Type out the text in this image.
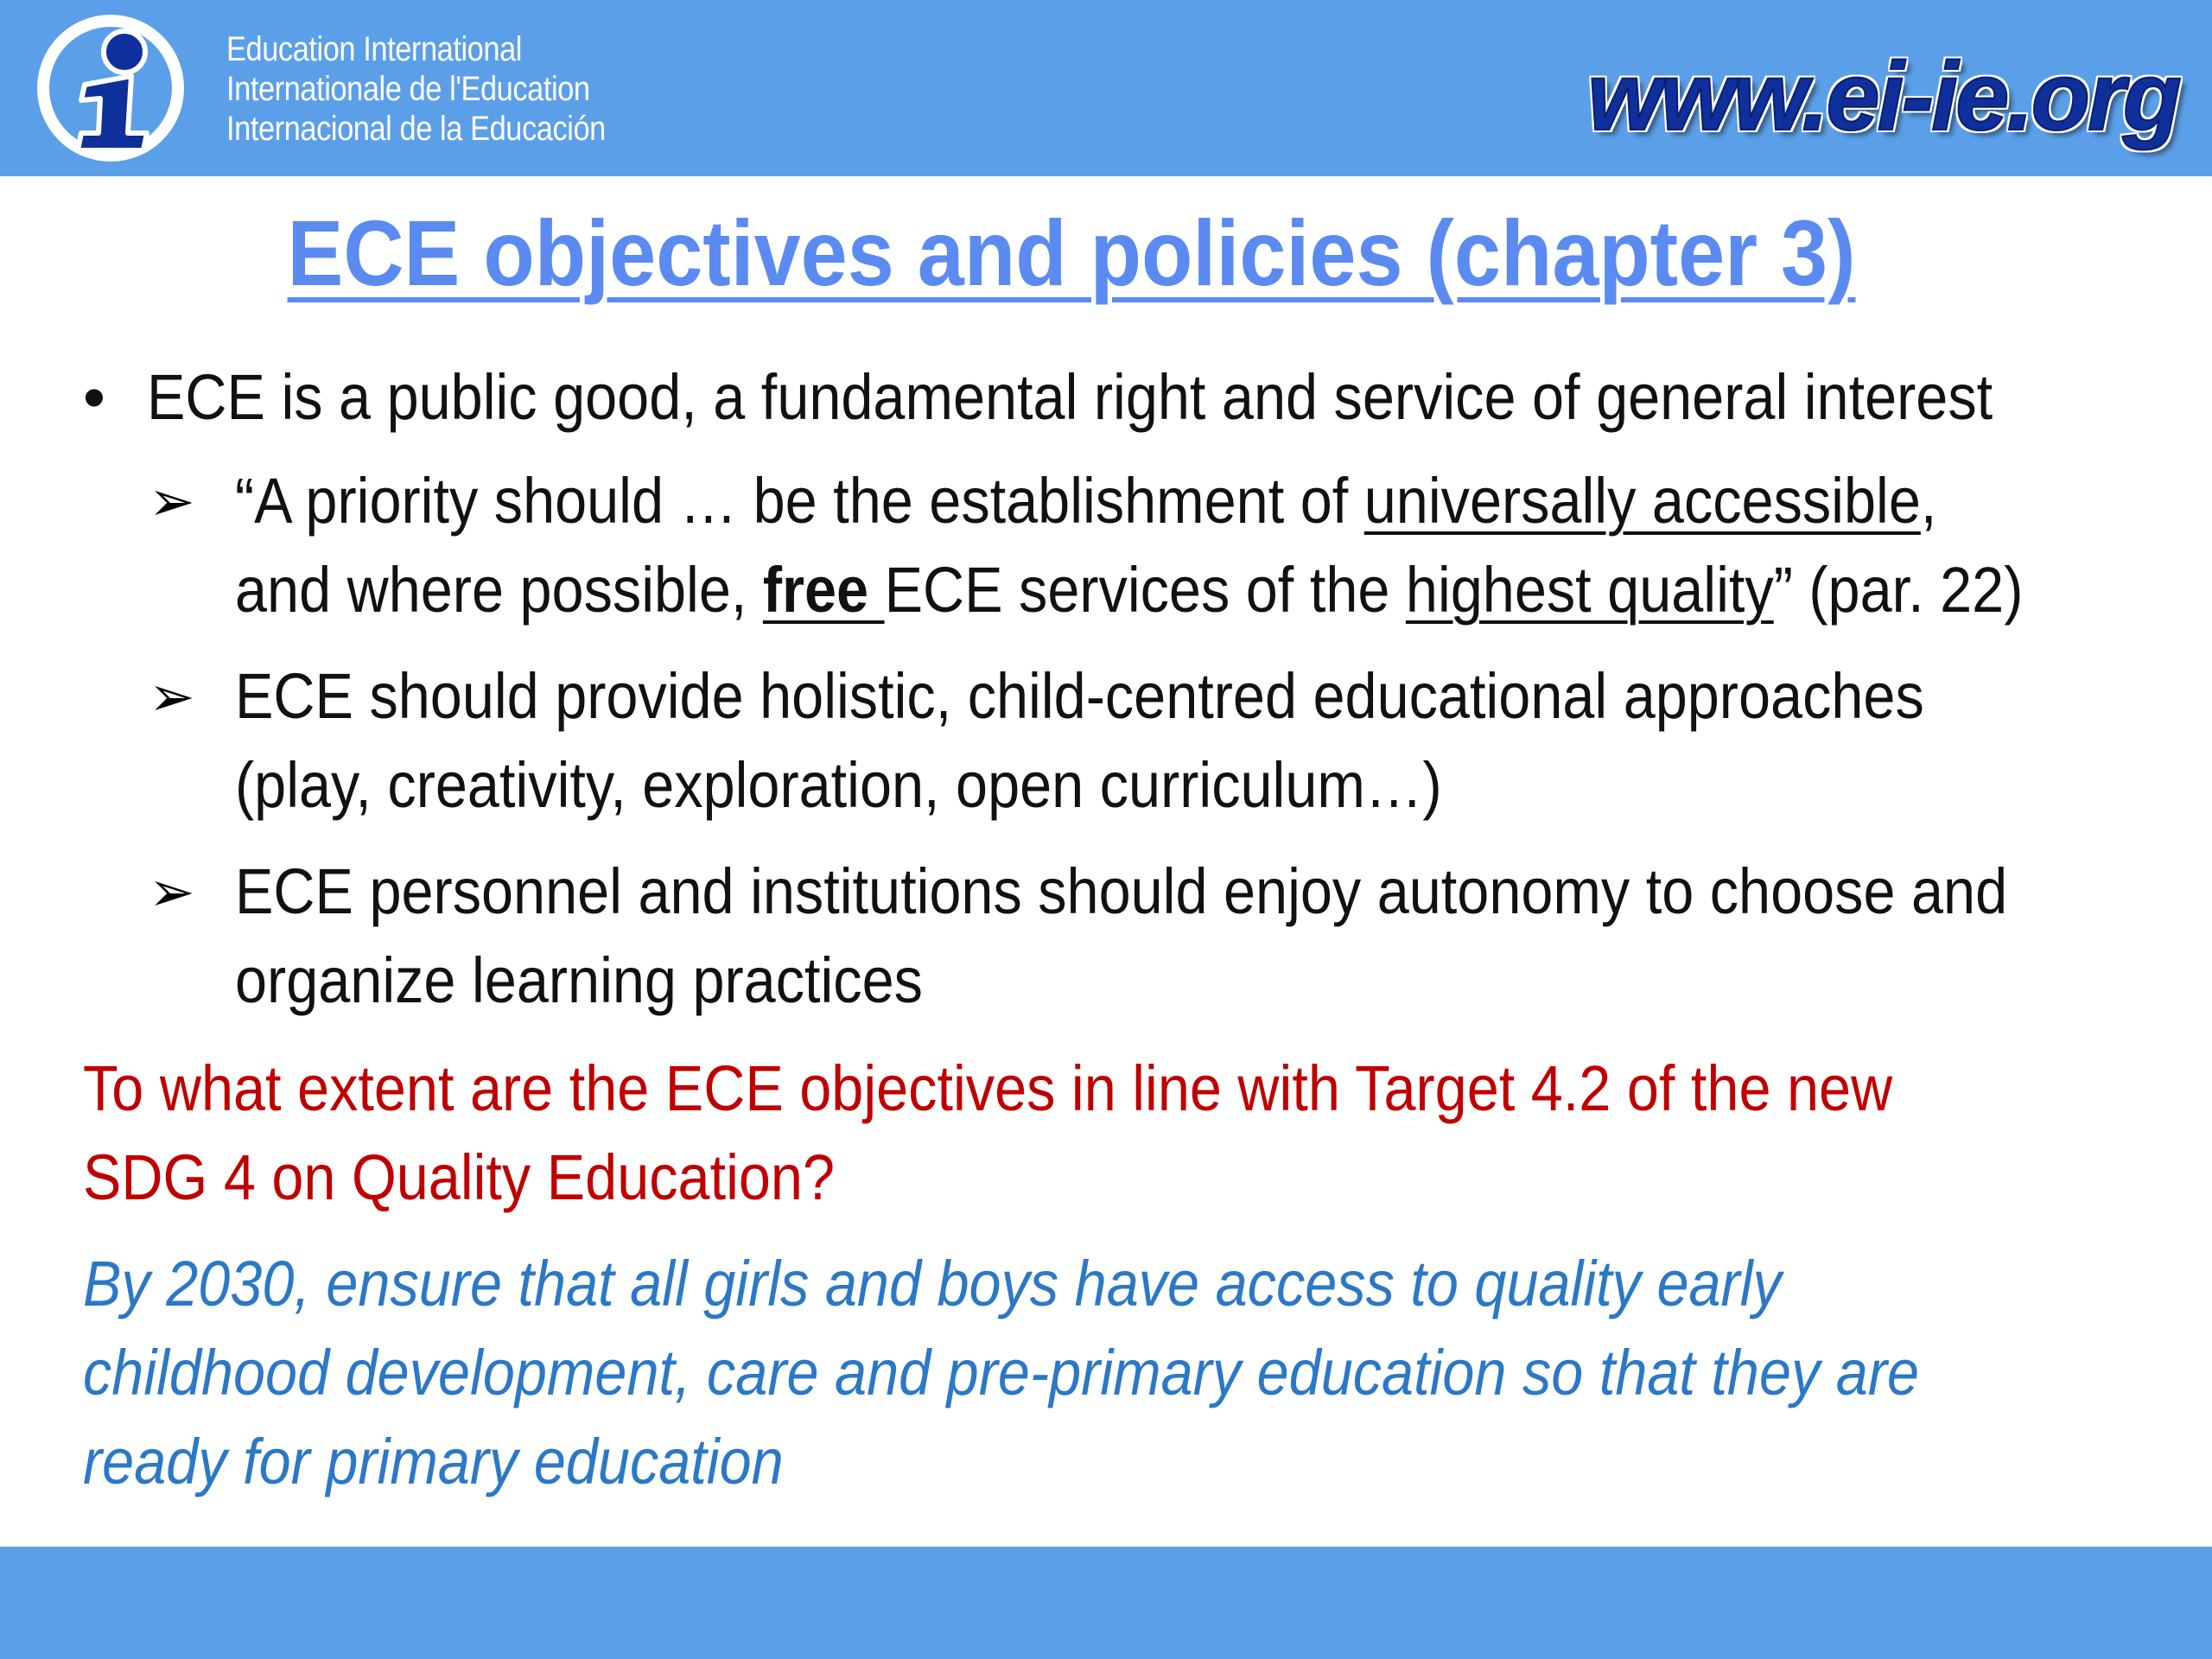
Education International
Internationale de l'Education
Internacional de la Educación	www.ei-ie.org
ECE objectives and policies (chapter 3)
• ECE is a public good, a fundamental right and service of general interest
➢ “A priority should … be the establishment of universally accessible,
and where possible, free ECE services of the highest quality” (par. 22)
➢ ECE should provide holistic, child-centred educational approaches
(play, creativity, exploration, open curriculum…)
➢ ECE personnel and institutions should enjoy autonomy to choose and
organize learning practices
To what extent are the ECE objectives in line with Target 4.2 of the new
SDG 4 on Quality Education?
By 2030, ensure that all girls and boys have access to quality early
childhood development, care and pre-primary education so that they are
ready for primary education
